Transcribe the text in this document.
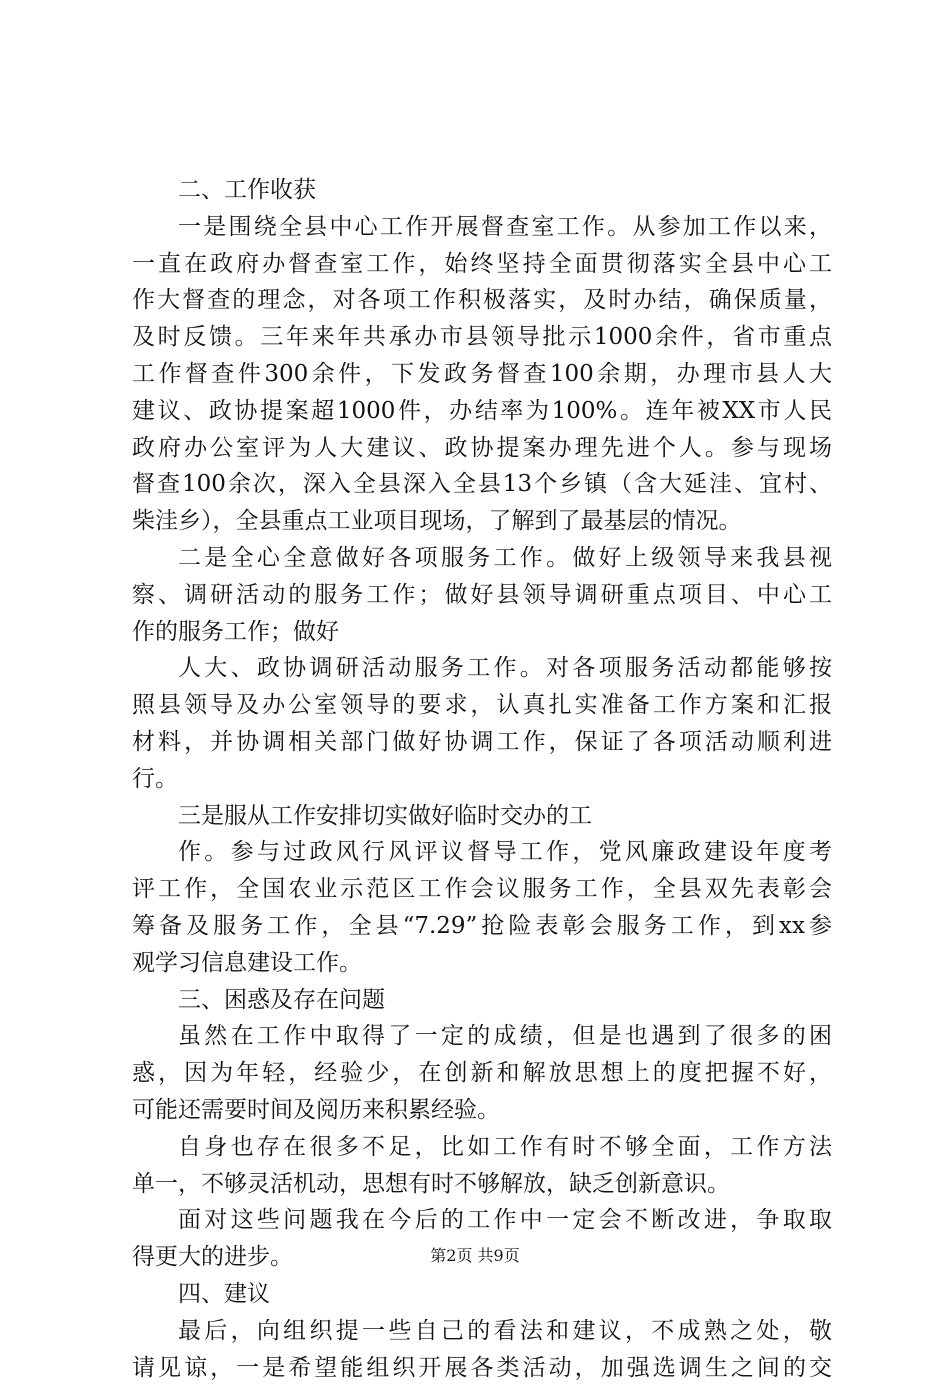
二、工作收获
一是围绕全县中心工作开展督查室工作。从参加工作以来，
一直在政府办督查室工作，始终坚持全面贯彻落实全县中心工
作大督查的理念，对各项工作积极落实，及时办结，确保质量，
及时反馈。三年来年共承办市县领导批示1000余件，省市重点
工作督查件300余件，下发政务督查100余期，办理市县人大
建议、政协提案超1000件，办结率为100%。连年被XX市人民
政府办公室评为人大建议、政协提案办理先进个人。参与现场
督查100余次，深入全县深入全县13个乡镇（含大延洼、宜村、
柴洼乡），全县重点工业项目现场，了解到了最基层的情况。
二是全心全意做好各项服务工作。做好上级领导来我县视
察、调研活动的服务工作；做好县领导调研重点项目、中心工
作的服务工作；做好
人大、政协调研活动服务工作。对各项服务活动都能够按
照县领导及办公室领导的要求，认真扎实准备工作方案和汇报
材料，并协调相关部门做好协调工作，保证了各项活动顺利进
行。
三是服从工作安排切实做好临时交办的工
作。参与过政风行风评议督导工作，党风廉政建设年度考
评工作，全国农业示范区工作会议服务工作，全县双先表彰会
筹备及服务工作，全县“7.29”抢险表彰会服务工作，到xx参
观学习信息建设工作。
三、困惑及存在问题
虽然在工作中取得了一定的成绩，但是也遇到了很多的困
惑，因为年轻，经验少，在创新和解放思想上的度把握不好，
可能还需要时间及阅历来积累经验。
自身也存在很多不足，比如工作有时不够全面，工作方法
单一，不够灵活机动，思想有时不够解放，缺乏创新意识。
面对这些问题我在今后的工作中一定会不断改进，争取取
得更大的进步。
四、建议
最后，向组织提一些自己的看法和建议，不成熟之处，敬
请见谅，一是希望能组织开展各类活动，加强选调生之间的交
第2页 共9页
